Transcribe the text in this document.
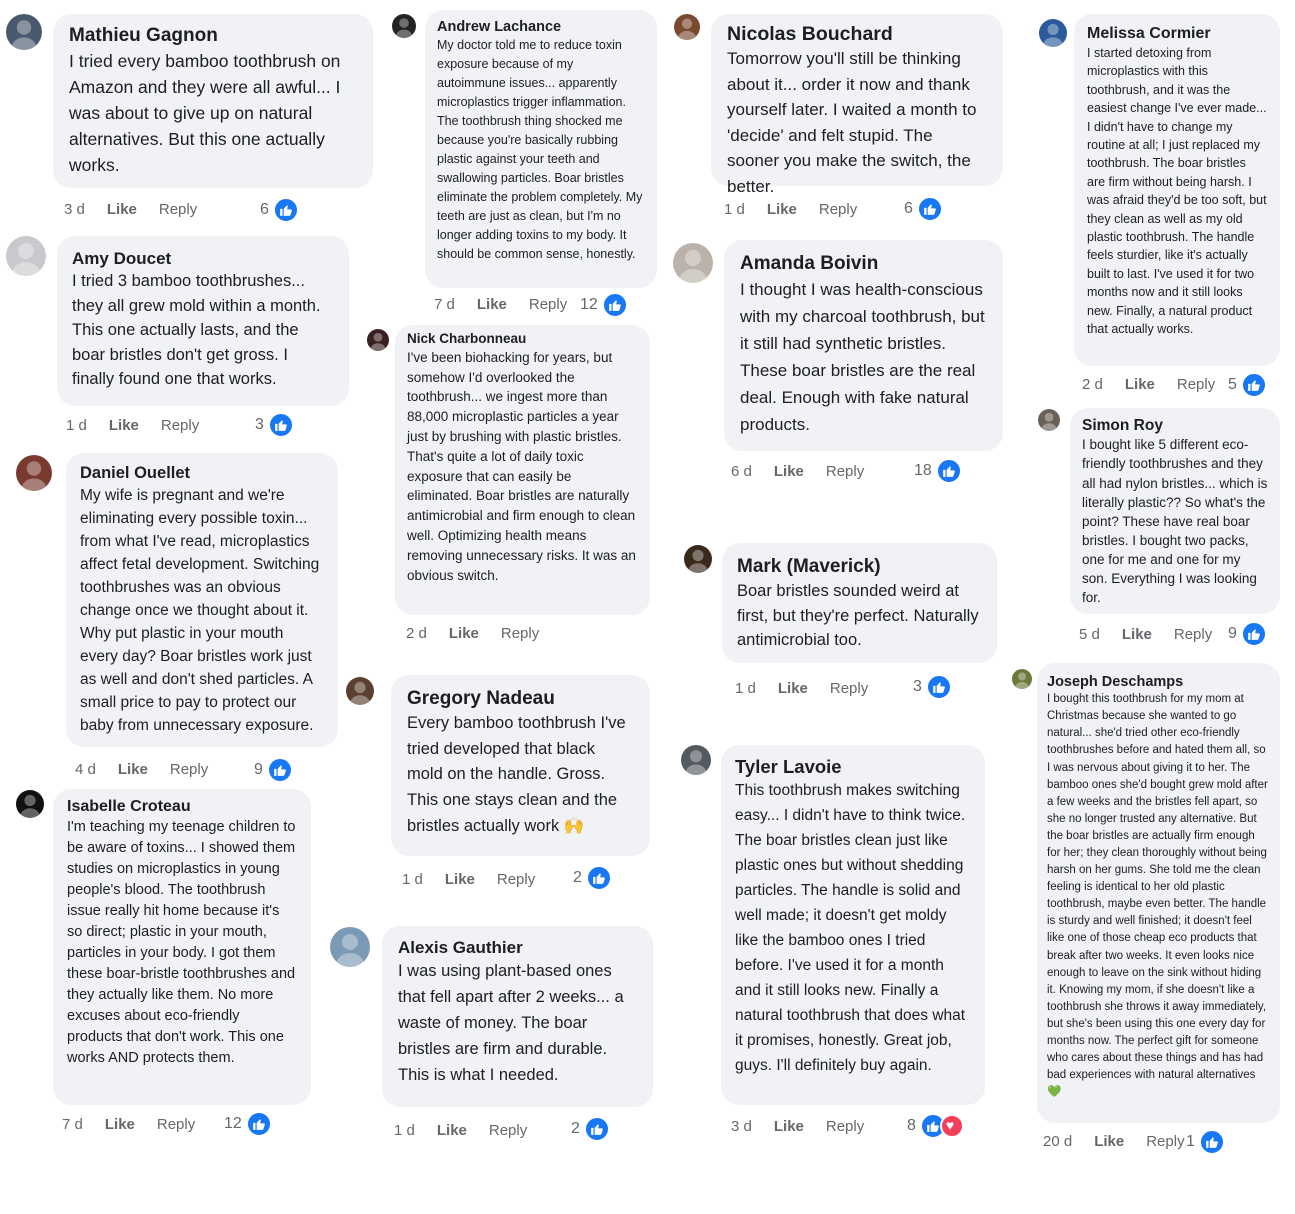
Mathieu Gagnon
I tried every bamboo toothbrush on Amazon and they were all awful... I was about to give up on natural alternatives. But this one actually works.
3 d Like Reply	6
Amy Doucet
I tried 3 bamboo toothbrushes... they all grew mold within a month. This one actually lasts, and the boar bristles don't get gross. I finally found one that works.
1 d Like Reply	3
Daniel Ouellet
My wife is pregnant and we're eliminating every possible toxin... from what I've read, microplastics affect fetal development. Switching toothbrushes was an obvious change once we thought about it. Why put plastic in your mouth every day? Boar bristles work just as well and don't shed particles. A small price to pay to protect our baby from unnecessary exposure.
4 d Like Reply	9
Isabelle Croteau
I'm teaching my teenage children to be aware of toxins... I showed them studies on microplastics in young people's blood. The toothbrush issue really hit home because it's so direct; plastic in your mouth, particles in your body. I got them these boar-bristle toothbrushes and they actually like them. No more excuses about eco-friendly products that don't work. This one works AND protects them.
7 d Like Reply 12
Andrew Lachance
My doctor told me to reduce toxin exposure because of my autoimmune issues... apparently microplastics trigger inflammation. The toothbrush thing shocked me because you're basically rubbing plastic against your teeth and swallowing particles. Boar bristles eliminate the problem completely. My teeth are just as clean, but I'm no longer adding toxins to my body. It should be common sense, honestly.
7 d Like Reply 12
Nick Charbonneau
I've been biohacking for years, but somehow I'd overlooked the toothbrush... we ingest more than 88,000 microplastic particles a year just by brushing with plastic bristles. That's quite a lot of daily toxic exposure that can easily be eliminated. Boar bristles are naturally antimicrobial and firm enough to clean well. Optimizing health means removing unnecessary risks. It was an obvious switch.
2 d Like Reply
Gregory Nadeau
Every bamboo toothbrush I've tried developed that black mold on the handle. Gross. This one stays clean and the bristles actually work 🙌
1 d Like Reply 2
Alexis Gauthier
I was using plant-based ones that fell apart after 2 weeks... a waste of money. The boar bristles are firm and durable. This is what I needed.
1 d Like Reply	2
Nicolas Bouchard
Tomorrow you'll still be thinking about it... order it now and thank yourself later. I waited a month to 'decide' and felt stupid. The sooner you make the switch, the better.
1 d Like Reply	6
Amanda Boivin
I thought I was health-conscious with my charcoal toothbrush, but it still had synthetic bristles. These boar bristles are the real deal. Enough with fake natural products.
6 d Like Reply	18
Mark (Maverick)
Boar bristles sounded weird at first, but they're perfect. Naturally antimicrobial too.
1 d Like Reply	3
Tyler Lavoie
This toothbrush makes switching easy... I didn't have to think twice. The boar bristles clean just like plastic ones but without shedding particles. The handle is solid and well made; it doesn't get moldy like the bamboo ones I tried before. I've used it for a month and it still looks new. Finally a natural toothbrush that does what it promises, honestly. Great job, guys. I'll definitely buy again.
3 d Like Reply	8 ♥
Melissa Cormier
I started detoxing from microplastics with this toothbrush, and it was the easiest change I've ever made... I didn't have to change my routine at all; I just replaced my toothbrush. The boar bristles are firm without being harsh. I was afraid they'd be too soft, but they clean as well as my old plastic toothbrush. The handle feels sturdier, like it's actually built to last. I've used it for two months now and it still looks new. Finally, a natural product that actually works.
2 d Like Reply 5
Simon Roy
I bought like 5 different eco-friendly toothbrushes and they all had nylon bristles... which is literally plastic?? So what's the point? These have real boar bristles. I bought two packs, one for me and one for my son. Everything I was looking for.
5 d Like Reply 9
Joseph Deschamps
I bought this toothbrush for my mom at Christmas because she wanted to go natural... she'd tried other eco-friendly toothbrushes before and hated them all, so I was nervous about giving it to her. The bamboo ones she'd bought grew mold after a few weeks and the bristles fell apart, so she no longer trusted any alternative. But the boar bristles are actually firm enough for her; they clean thoroughly without being harsh on her gums. She told me the clean feeling is identical to her old plastic toothbrush, maybe even better. The handle is sturdy and well finished; it doesn't feel like one of those cheap eco products that break after two weeks. It even looks nice enough to leave on the sink without hiding it. Knowing my mom, if she doesn't like a toothbrush she throws it away immediately, but she's been using this one every day for months now. The perfect gift for someone who cares about these things and has had bad experiences with natural alternatives 💚
20 d Like Reply 1
